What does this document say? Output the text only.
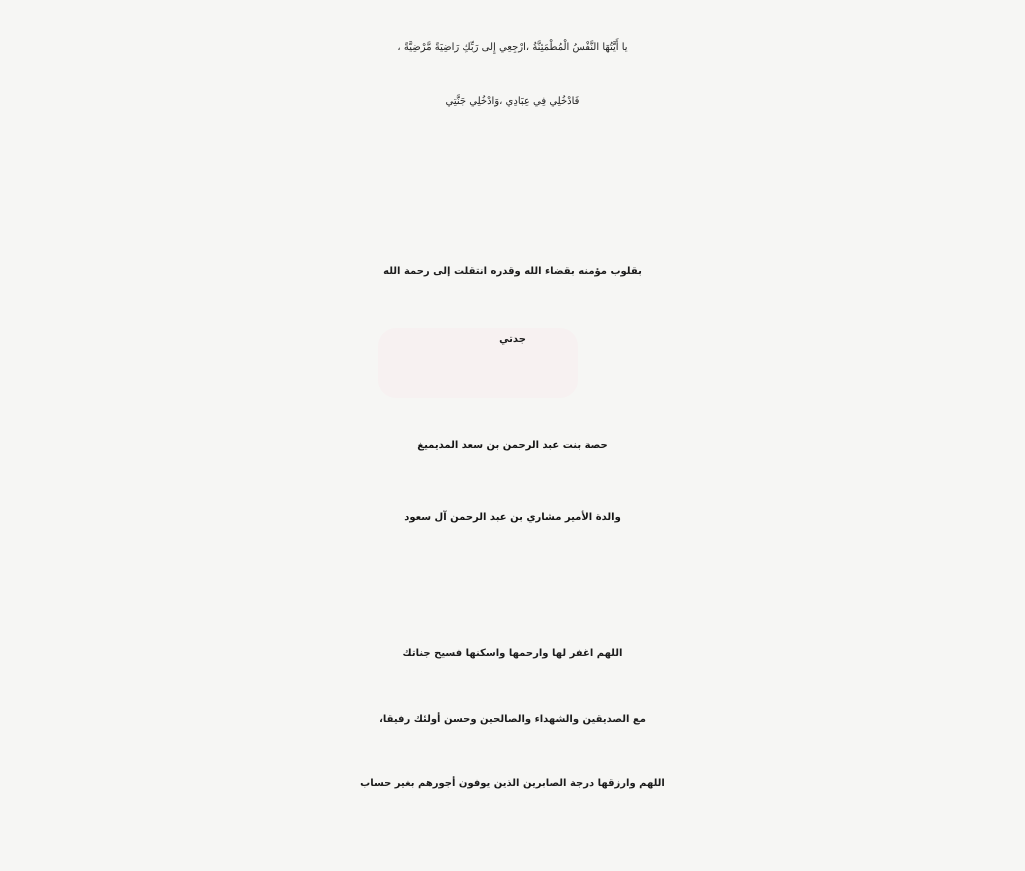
يا أَيَّتُهَا النَّفْسُ الْمُطْمَئِنَّةُ ،ارْجِعِي إِلى رَبِّكِ رَاضِيَةً مَّرْضِيَّةً ،
فَادْخُلِي فِي عِبَادِي ،وَادْخُلِي جَنَّتِي
بقلوب مؤمنه بقضاء الله وقدره انتقلت إلى رحمة الله
جدتي
حصة بنت عبد الرحمن بن سعد المديميغ
والدة الأمير مشاري بن عبد الرحمن آل سعود
اللهم اغفر لها وارحمها واسكنها فسيح جناتك
مع الصديقين والشهداء والصالحين وحسن أولئك رفيقا،
اللهم وارزقها درجة الصابرين الذين يوفون أجورهم بغير حساب
